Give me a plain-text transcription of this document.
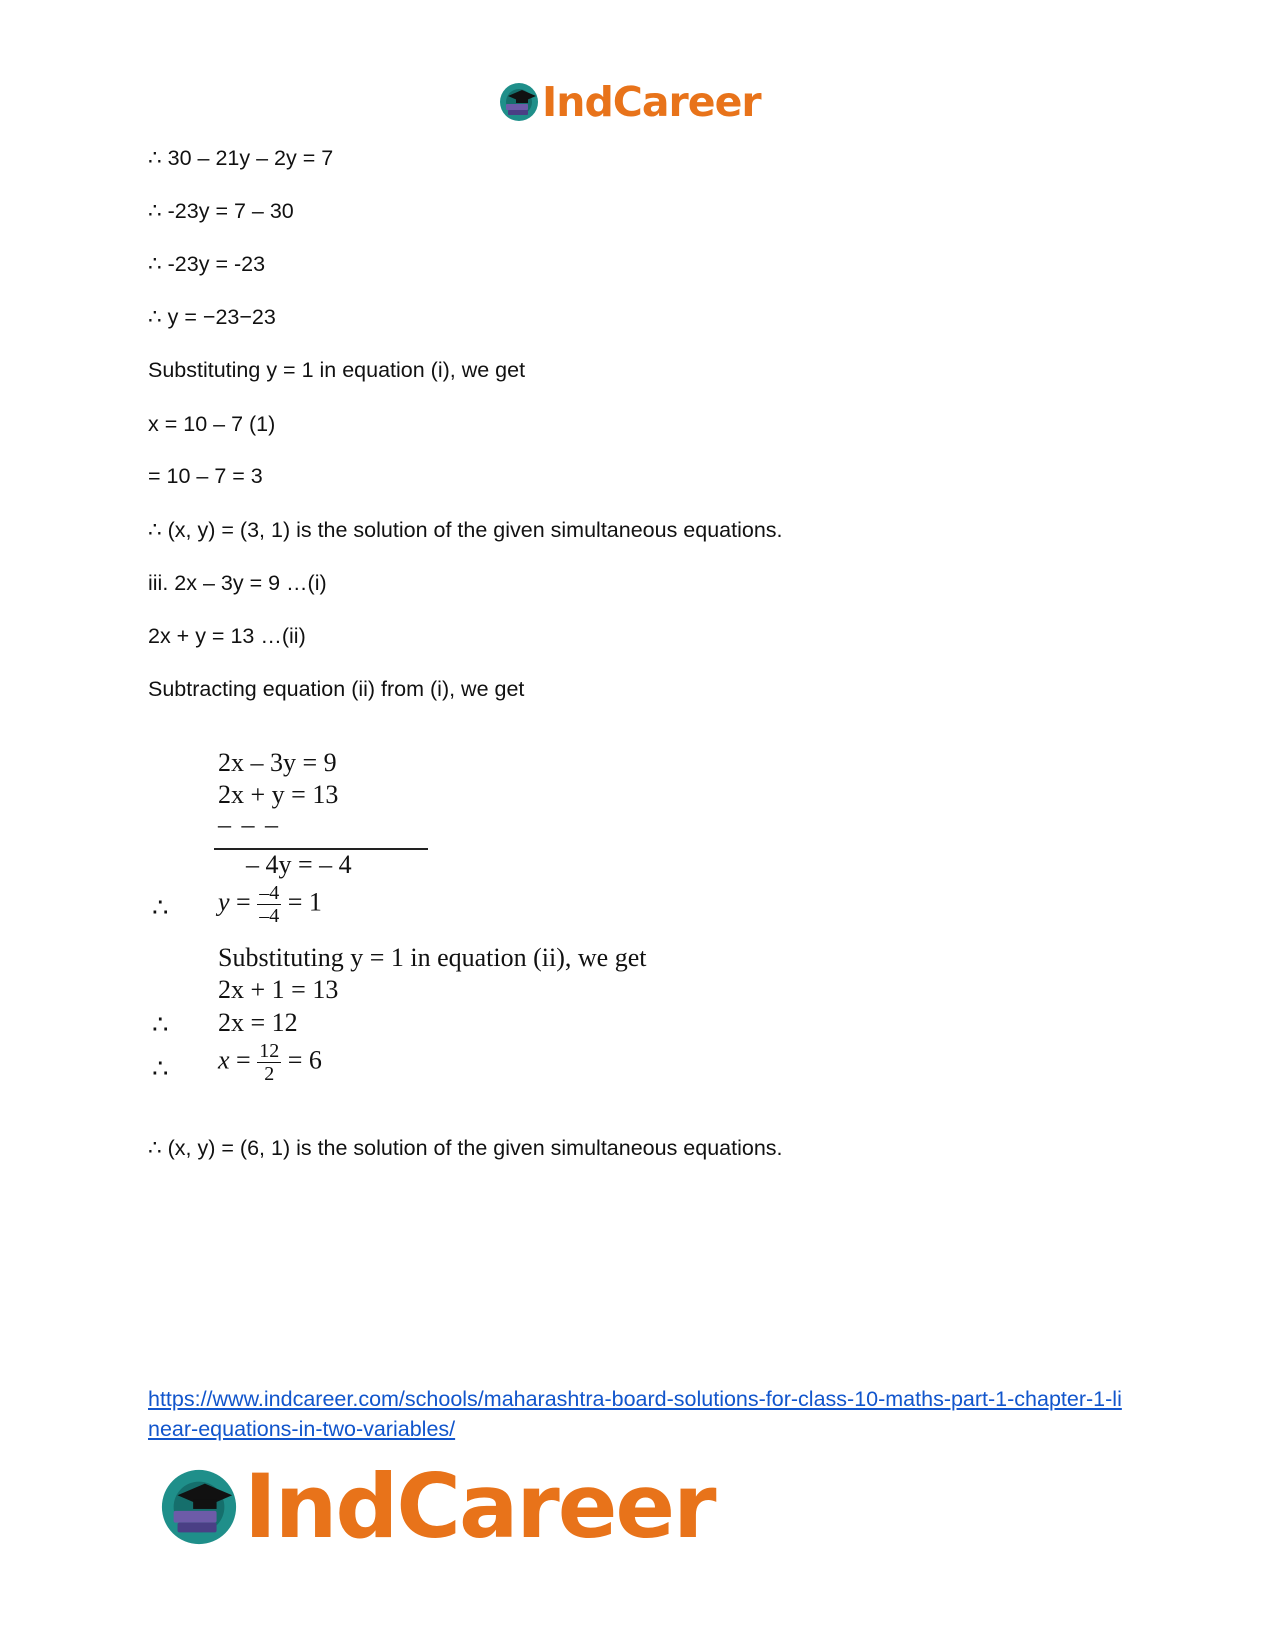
IndCareer
∴ 30 – 21y – 2y = 7
∴ -23y = 7 – 30
∴ -23y = -23
∴ y = −23−23
Substituting y = 1 in equation (i), we get
x = 10 – 7 (1)
= 10 – 7 = 3
∴ (x, y) = (3, 1) is the solution of the given simultaneous equations.
iii. 2x – 3y = 9 …(i)
2x + y = 13 …(ii)
Subtracting equation (ii) from (i), we get
2x – 3y = 9
2x + y = 13
– – –
– 4y = – 4
∴ $y = \frac{-4}{-4} = 1$
Substituting y = 1 in equation (ii), we get
2x + 1 = 13
∴ 2x = 12
∴ $x = \frac{12}{2} = 6$
∴ (x, y) = (6, 1) is the solution of the given simultaneous equations.
https://www.indcareer.com/schools/maharashtra-board-solutions-for-class-10-maths-part-1-chapter-1-linear-equations-in-two-variables/
IndCareer
